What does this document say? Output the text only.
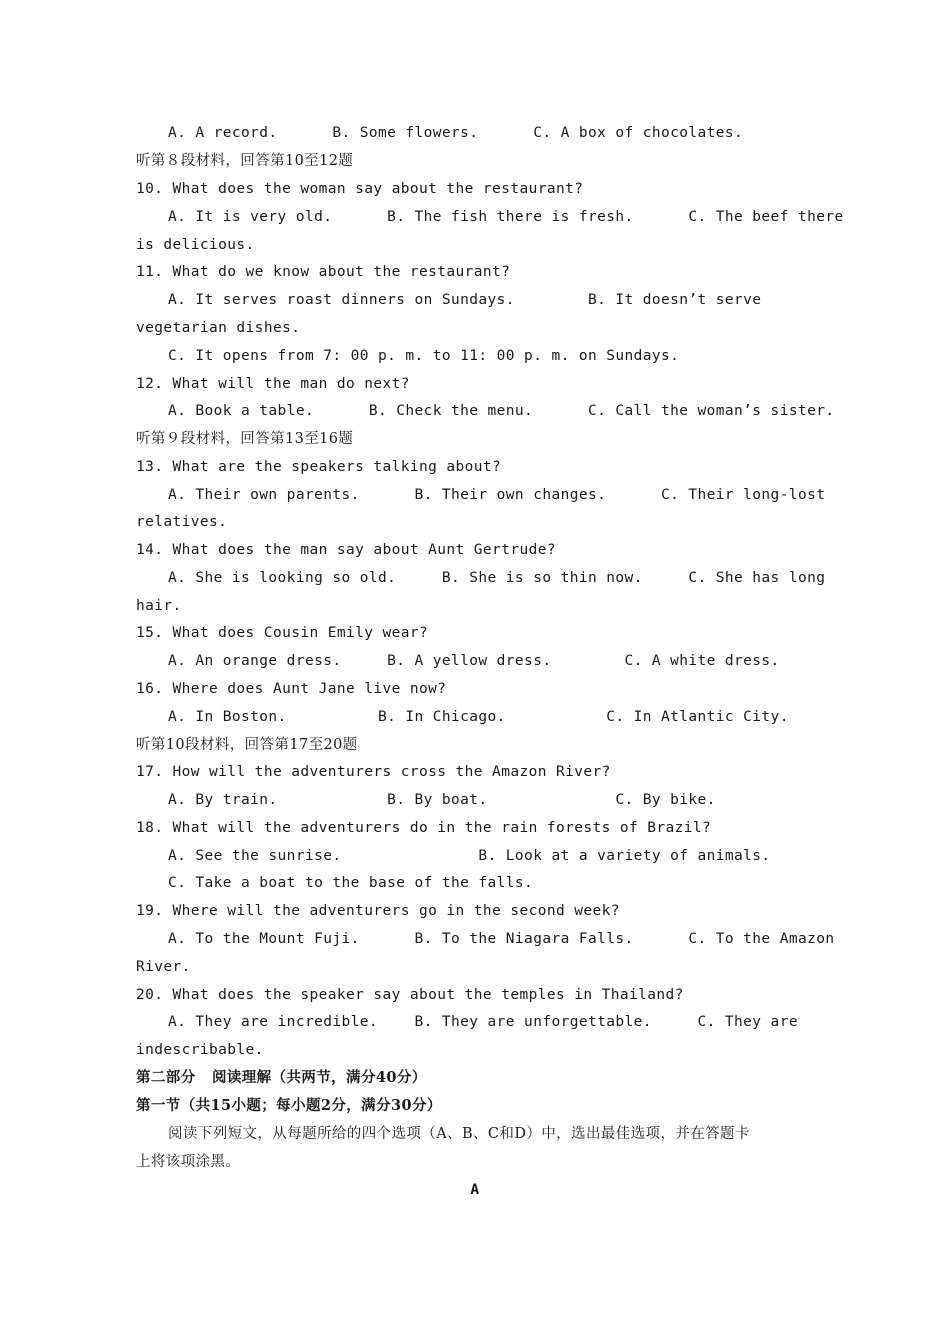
A. A record.      B. Some flowers.      C. A box of chocolates.
听第８段材料，回答第10至12题
10. What does the woman say about the restaurant?
A. It is very old.      B. The fish there is fresh.      C. The beef there
is delicious.
11. What do we know about the restaurant?
A. It serves roast dinners on Sundays.        B. It doesn’t serve
vegetarian dishes.
C. It opens from 7: 00 p. m. to 11: 00 p. m. on Sundays.
12. What will the man do next?
A. Book a table.      B. Check the menu.      C. Call the woman’s sister.
听第９段材料，回答第13至16题
13. What are the speakers talking about?
A. Their own parents.      B. Their own changes.      C. Their long-lost
relatives.
14. What does the man say about Aunt Gertrude?
A. She is looking so old.     B. She is so thin now.     C. She has long
hair.
15. What does Cousin Emily wear?
A. An orange dress.     B. A yellow dress.        C. A white dress.
16. Where does Aunt Jane live now?
A. In Boston.          B. In Chicago.           C. In Atlantic City.
听第10段材料，回答第17至20题
17. How will the adventurers cross the Amazon River?
A. By train.            B. By boat.              C. By bike.
18. What will the adventurers do in the rain forests of Brazil?
A. See the sunrise.               B. Look at a variety of animals.
C. Take a boat to the base of the falls.
19. Where will the adventurers go in the second week?
A. To the Mount Fuji.      B. To the Niagara Falls.      C. To the Amazon
River.
20. What does the speaker say about the temples in Thailand?
A. They are incredible.    B. They are unforgettable.     C. They are
indescribable.
第二部分   阅读理解（共两节，满分40分）
第一节（共15小题；每小题2分，满分30分）
阅读下列短文，从每题所给的四个选项（A、B、C和D）中，选出最佳选项，并在答题卡
上将该项涂黑。
A
